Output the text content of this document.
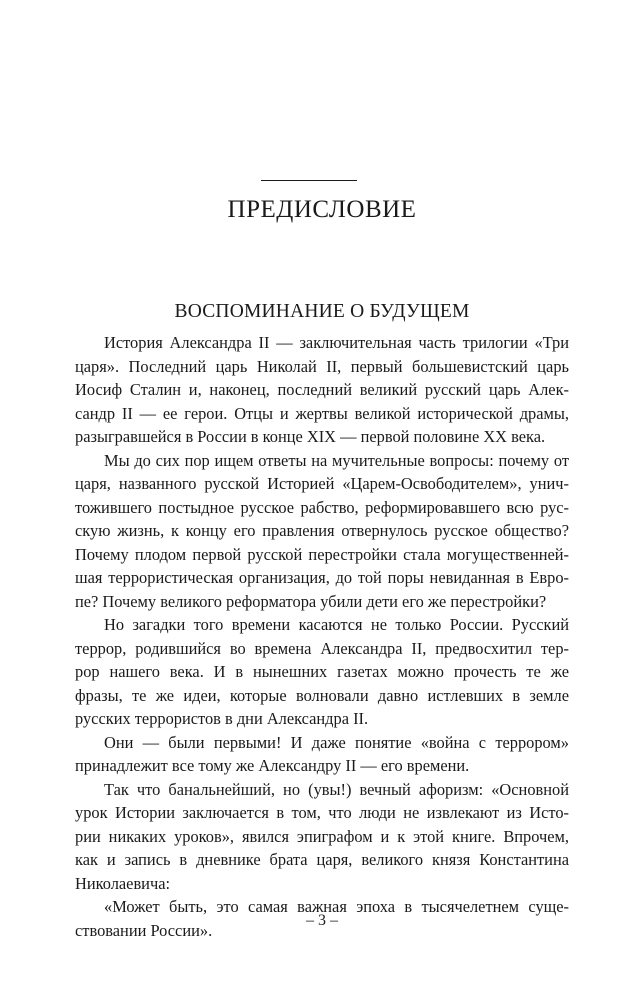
ПРЕДИСЛОВИЕ
ВОСПОМИНАНИЕ О БУДУЩЕМ
История Александра II — заключительная часть трилогии «Три
царя». Последний царь Николай II, первый большевистский царь
Иосиф Сталин и, наконец, последний великий русский царь Алек-
сандр II — ее герои. Отцы и жертвы великой исторической драмы,
разыгравшейся в России в конце XIX — первой половине XX века.
Мы до сих пор ищем ответы на мучительные вопросы: почему от
царя, названного русской Историей «Царем-Освободителем», унич-
тожившего постыдное русское рабство, реформировавшего всю рус-
скую жизнь, к концу его правления отвернулось русское общество?
Почему плодом первой русской перестройки стала могущественней-
шая террористическая организация, до той поры невиданная в Евро-
пе? Почему великого реформатора убили дети его же перестройки?
Но загадки того времени касаются не только России. Русский
террор, родившийся во времена Александра II, предвосхитил тер-
рор нашего века. И в нынешних газетах можно прочесть те же
фразы, те же идеи, которые волновали давно истлевших в земле
русских террористов в дни Александра II.
Они — были первыми! И даже понятие «война с террором»
принадлежит все тому же Александру II — его времени.
Так что банальнейший, но (увы!) вечный афоризм: «Основной
урок Истории заключается в том, что люди не извлекают из Исто-
рии никаких уроков», явился эпиграфом и к этой книге. Впрочем,
как и запись в дневнике брата царя, великого князя Константина
Николаевича:
«Может быть, это самая важная эпоха в тысячелетнем суще-
ствовании России».	– 3 –
